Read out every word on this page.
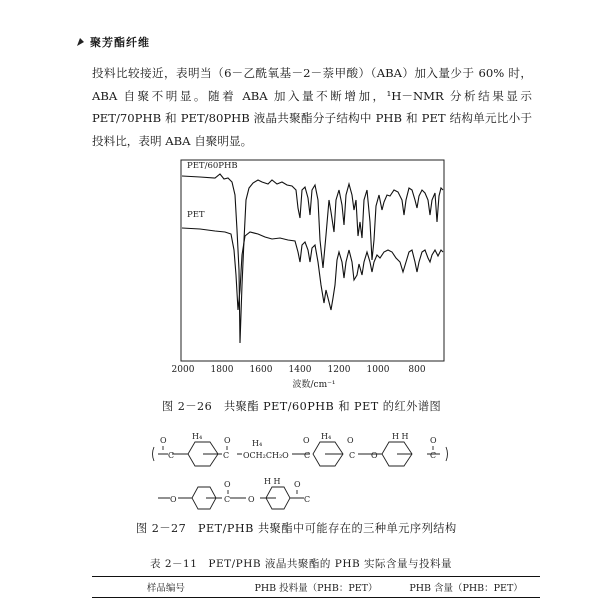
聚芳酯纤维

投料比较接近，表明当（6－乙酰氧基－2－萘甲酸）（ABA）加入量少于 60% 时，ABA 自聚不明显。随着 ABA 加入量不断增加，¹H－NMR 分析结果显示 PET/70PHB 和 PET/80PHB 液晶共聚酯分子结构中 PHB 和 PET 结构单元比小于投料比，表明 ABA 自聚明显。

PET/60PHB
PET
2000 1800 1600 1400 1200 1000 800
波数/cm⁻¹
图 2－26　共聚酯 PET/60PHB 和 PET 的红外谱图
O
C
H₄	O
C OCH₂CH₂O
H₄	O
C
H₄ O
C O
H H	O
C
O
O
C O
H H O
C
图 2－27　PET/PHB 共聚酯中可能存在的三种单元序列结构
表 2－11　PET/PHB 液晶共聚酯的 PHB 实际含量与投料量
样品编号	PHB 投料量（PHB：PET）	PHB 含量（PHB：PET）
